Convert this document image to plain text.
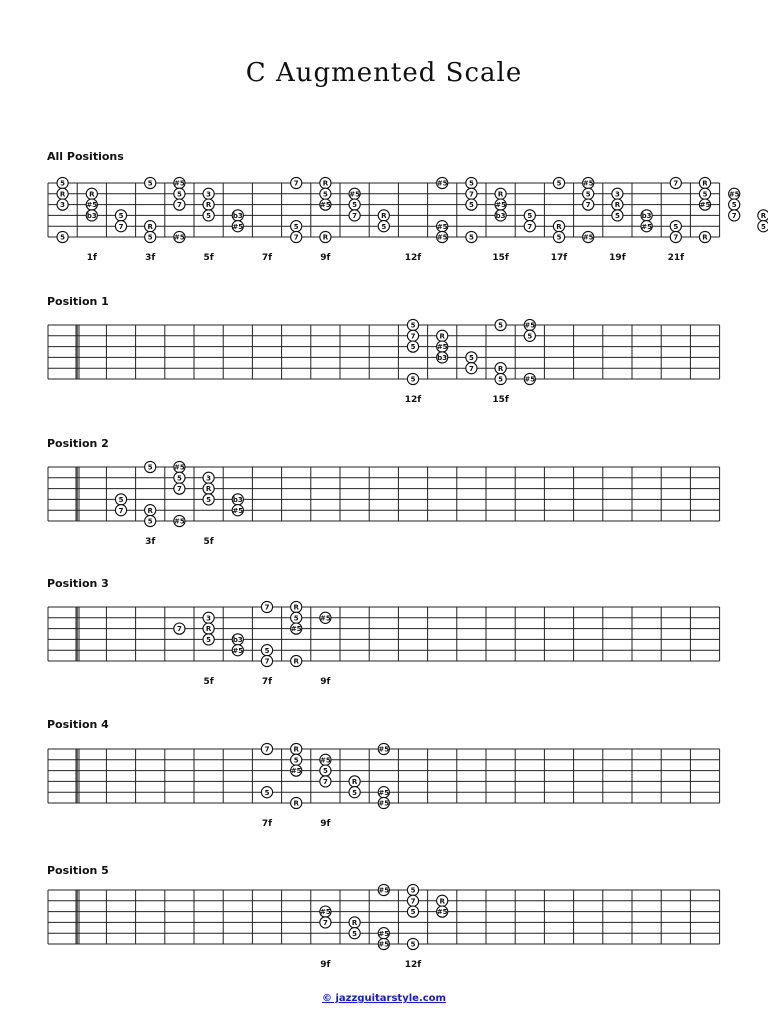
C Augmented Scale
All Positions
Position 1
Position 2
Position 3
Position 4
Position 5
5
R
3
5
R
#5
b3	5
7
5
R
5
#5
5
7
#5
3
R
5	b3
#5
7
5
7
R
5
#5
R
#5
5
7	R
5
#5
#5
#5
5
7
5
5
R
#5
b3	5
7
5
R
5
#5
5
7
#5
3
R
5	b3
#5
7
5
7
R
5
#5
R
#5
5
7	R
5
1f	3f	5f	7f	9f	12f	15f	17f	19f	21f
5
7
5
5
R
#5
b3	5
7
5
R
5
#5
5
#5
12f	15f
5
7
5
R
5
#5
5
7
#5
3
R
5	b3
#5
3f	5f
7
3
R
5	b3
#5
7
5
7
R
5
#5
R
#5
5f	7f	9f
7
5
R
5
#5
R
#5
5
7	R
5
#5
#5
#5
7f	9f
#5
7	R
5
#5
#5
#5
5
7
5
5
R
#5
9f	12f
© jazzguitarstyle.com
